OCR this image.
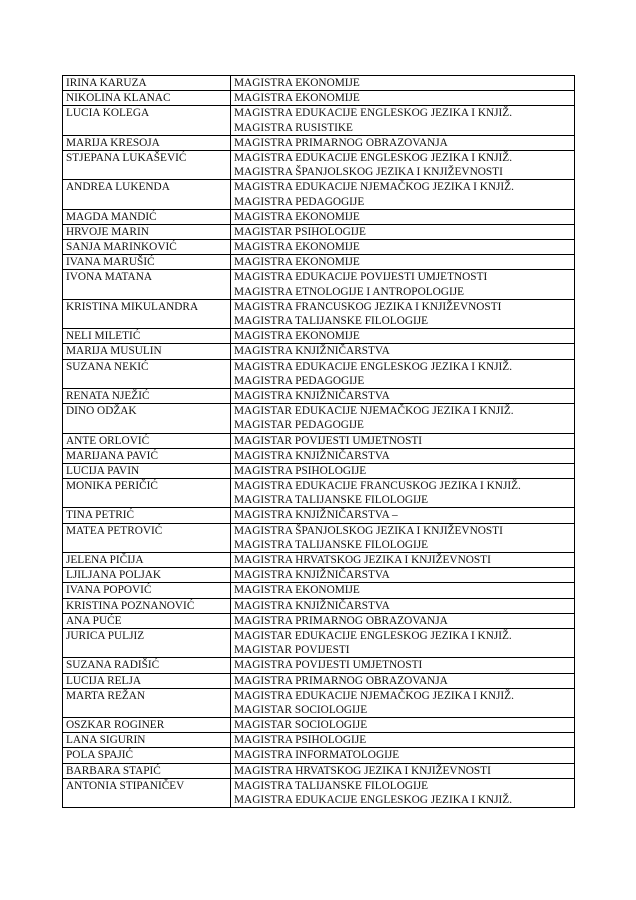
IRINA KARUZA	MAGISTRA EKONOMIJE

NIKOLINA KLANAC	MAGISTRA EKONOMIJE

LUCIA KOLEGA	MAGISTRA EDUKACIJE ENGLESKOG JEZIKA I KNJIŽ.
MAGISTRA RUSISTIKE

MARIJA KRESOJA	MAGISTRA PRIMARNOG OBRAZOVANJA

STJEPANA LUKAŠEVIĆ	MAGISTRA EDUKACIJE ENGLESKOG JEZIKA I KNJIŽ.
MAGISTRA ŠPANJOLSKOG JEZIKA I KNJIŽEVNOSTI

ANDREA LUKENDA	MAGISTRA EDUKACIJE NJEMAČKOG JEZIKA I KNJIŽ.
MAGISTRA PEDAGOGIJE

MAGDA MANDIĆ	MAGISTRA EKONOMIJE

HRVOJE MARIN	MAGISTAR PSIHOLOGIJE

SANJA MARINKOVIĆ	MAGISTRA EKONOMIJE

IVANA MARUŠIĆ	MAGISTRA EKONOMIJE

IVONA MATANA	MAGISTRA EDUKACIJE POVIJESTI UMJETNOSTI
MAGISTRA ETNOLOGIJE I ANTROPOLOGIJE

KRISTINA MIKULANDRA	MAGISTRA FRANCUSKOG JEZIKA I KNJIŽEVNOSTI
MAGISTRA TALIJANSKE FILOLOGIJE

NELI MILETIĆ	MAGISTRA EKONOMIJE

MARIJA MUSULIN	MAGISTRA KNJIŽNIČARSTVA

SUZANA NEKIĆ	MAGISTRA EDUKACIJE ENGLESKOG JEZIKA I KNJIŽ.
MAGISTRA PEDAGOGIJE

RENATA NJEŽIĆ	MAGISTRA KNJIŽNIČARSTVA

DINO ODŽAK	MAGISTAR EDUKACIJE NJEMAČKOG JEZIKA I KNJIŽ.
MAGISTAR PEDAGOGIJE

ANTE ORLOVIĆ	MAGISTAR POVIJESTI UMJETNOSTI

MARIJANA PAVIĆ	MAGISTRA KNJIŽNIČARSTVA

LUCIJA PAVIN	MAGISTRA PSIHOLOGIJE

MONIKA PERIČIĆ	MAGISTRA EDUKACIJE FRANCUSKOG JEZIKA I KNJIŽ.
MAGISTRA TALIJANSKE FILOLOGIJE

TINA PETRIĆ	MAGISTRA KNJIŽNIČARSTVA –

MATEA PETROVIĆ	MAGISTRA ŠPANJOLSKOG JEZIKA I KNJIŽEVNOSTI
MAGISTRA TALIJANSKE FILOLOGIJE

JELENA PIČIJA	MAGISTRA HRVATSKOG JEZIKA I KNJIŽEVNOSTI

LJILJANA POLJAK	MAGISTRA KNJIŽNIČARSTVA

IVANA POPOVIĆ	MAGISTRA EKONOMIJE

KRISTINA POZNANOVIĆ	MAGISTRA KNJIŽNIČARSTVA

ANA PUĆE	MAGISTRA PRIMARNOG OBRAZOVANJA

JURICA PULJIZ	MAGISTAR EDUKACIJE ENGLESKOG JEZIKA I KNJIŽ.
MAGISTAR POVIJESTI

SUZANA RADIŠIĆ	MAGISTRA POVIJESTI UMJETNOSTI

LUCIJA RELJA	MAGISTRA PRIMARNOG OBRAZOVANJA

MARTA REŽAN	MAGISTRA EDUKACIJE NJEMAČKOG JEZIKA I KNJIŽ.
MAGISTAR SOCIOLOGIJE

OSZKAR ROGINER	MAGISTAR SOCIOLOGIJE

LANA SIGURIN	MAGISTRA PSIHOLOGIJE

POLA SPAJIĆ	MAGISTRA INFORMATOLOGIJE

BARBARA STAPIĆ	MAGISTRA HRVATSKOG JEZIKA I KNJIŽEVNOSTI

ANTONIA STIPANIČEV	MAGISTRA TALIJANSKE FILOLOGIJE
MAGISTRA EDUKACIJE ENGLESKOG JEZIKA I KNJIŽ.
